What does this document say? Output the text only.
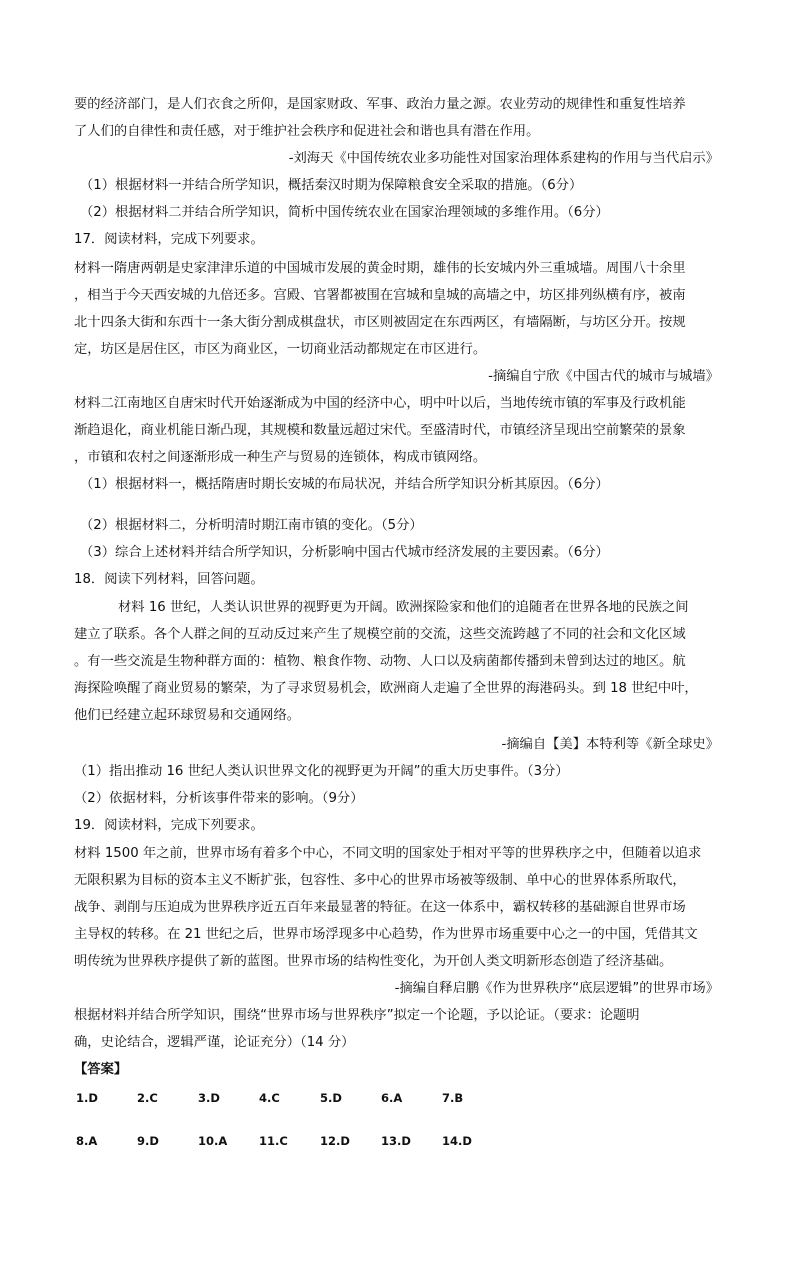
要的经济部门，是人们衣食之所仰，是国家财政、军事、政治力量之源。农业劳动的规律性和重复性培养
了人们的自律性和责任感，对于维护社会秩序和促进社会和谐也具有潜在作用。
-刘海天《中国传统农业多功能性对国家治理体系建构的作用与当代启示》
（1）根据材料一并结合所学知识，概括秦汉时期为保障粮食安全采取的措施。（6分）
（2）根据材料二并结合所学知识，简析中国传统农业在国家治理领域的多维作用。（6分）
17．阅读材料，完成下列要求。
材料一隋唐两朝是史家津津乐道的中国城市发展的黄金时期，雄伟的长安城内外三重城墙。周围八十余里
，相当于今天西安城的九倍还多。宫殿、官署都被围在宫城和皇城的高墙之中，坊区排列纵横有序，被南
北十四条大街和东西十一条大街分割成棋盘状，市区则被固定在东西两区，有墙隔断，与坊区分开。按规
定，坊区是居住区，市区为商业区，一切商业活动都规定在市区进行。
-摘编自宁欣《中国古代的城市与城墙》
材料二江南地区自唐宋时代开始逐渐成为中国的经济中心，明中叶以后，当地传统市镇的军事及行政机能
渐趋退化，商业机能日渐凸现，其规模和数量远超过宋代。至盛清时代，市镇经济呈现出空前繁荣的景象
，市镇和农村之间逐渐形成一种生产与贸易的连锁体，构成市镇网络。
（1）根据材料一，概括隋唐时期长安城的布局状况，并结合所学知识分析其原因。（6分）
（2）根据材料二，分析明清时期江南市镇的变化。（5分）
（3）综合上述材料并结合所学知识，分析影响中国古代城市经济发展的主要因素。（6分）
18．阅读下列材料，回答问题。
材料 16 世纪，人类认识世界的视野更为开阔。欧洲探险家和他们的追随者在世界各地的民族之间
建立了联系。各个人群之间的互动反过来产生了规模空前的交流，这些交流跨越了不同的社会和文化区域
。有一些交流是生物种群方面的：植物、粮食作物、动物、人口以及病菌都传播到未曾到达过的地区。航
海探险唤醒了商业贸易的繁荣，为了寻求贸易机会，欧洲商人走遍了全世界的海港码头。到 18 世纪中叶，
他们已经建立起环球贸易和交通网络。
-摘编自【美】本特利等《新全球史》
（1）指出推动 16 世纪人类认识世界文化的视野更为开阔”的重大历史事件。（3分）
（2）依据材料，分析该事件带来的影响。（9分）
19．阅读材料，完成下列要求。
材料 1500 年之前，世界市场有着多个中心，不同文明的国家处于相对平等的世界秩序之中，但随着以追求
无限积累为目标的资本主义不断扩张，包容性、多中心的世界市场被等级制、单中心的世界体系所取代，
战争、剥削与压迫成为世界秩序近五百年来最显著的特征。在这一体系中，霸权转移的基础源自世界市场
主导权的转移。在 21 世纪之后，世界市场浮现多中心趋势，作为世界市场重要中心之一的中国，凭借其文
明传统为世界秩序提供了新的蓝图。世界市场的结构性变化，为开创人类文明新形态创造了经济基础。
-摘编自释启鹏《作为世界秩序“底层逻辑”的世界市场》
根据材料并结合所学知识，围绕“世界市场与世界秩序”拟定一个论题，予以论证。（要求：论题明
确，史论结合，逻辑严谨，论证充分）（14 分）
【答案】
1.D	2.C	3.D	4.C	5.D	6.A	7.B
8.A	9.D	10.A	11.C	12.D	13.D	14.D
